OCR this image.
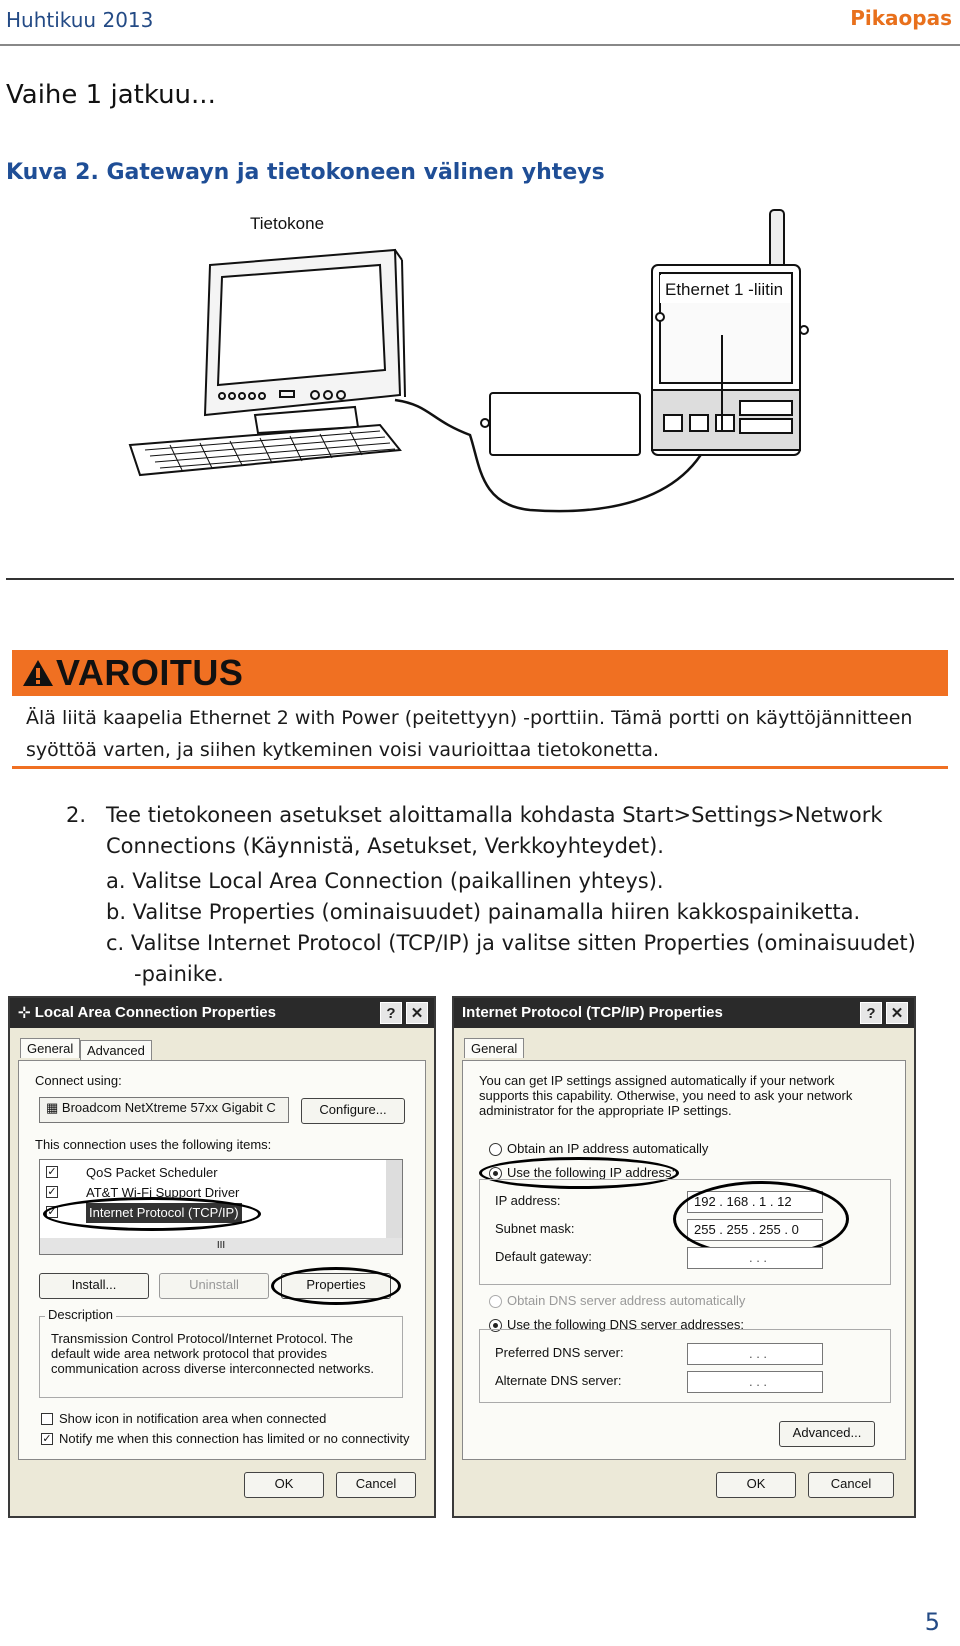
Huhtikuu 2013	Pikaopas
Vaihe 1 jatkuu...
Kuva 2. Gatewayn ja tietokoneen välinen yhteys
Tietokone
Ethernet 1 -liitin
VAROITUS
Älä liitä kaapelia Ethernet 2 with Power (peitettyyn) -porttiin. Tämä portti on käyttöjännitteen syöttöä varten, ja siihen kytkeminen voisi vaurioittaa tietokonetta.
2. Tee tietokoneen asetukset aloittamalla kohdasta Start>Settings>Network Connections (Käynnistä, Asetukset, Verkkoyhteydet).
a. Valitse Local Area Connection (paikallinen yhteys).
b. Valitse Properties (ominaisuudet) painamalla hiiren kakkospainiketta.
c. Valitse Internet Protocol (TCP/IP) ja valitse sitten Properties (ominaisuudet)
-painike.
⊹ Local Area Connection Properties	?	✕
General	Advanced
Connect using:
▦ Broadcom NetXtreme 57xx Gigabit C	Configure...
This connection uses the following items:
✓ QoS Packet Scheduler
✓ AT&T Wi-Fi Support Driver
✓ Internet Protocol (TCP/IP)
III
Install...	Uninstall	Properties
Description
Transmission Control Protocol/Internet Protocol. The default wide area network protocol that provides communication across diverse interconnected networks.
Show icon in notification area when connected
✓ Notify me when this connection has limited or no connectivity
OK	Cancel
Internet Protocol (TCP/IP) Properties	?	✕
General
You can get IP settings assigned automatically if your network supports this capability. Otherwise, you need to ask your network administrator for the appropriate IP settings.
Obtain an IP address automatically
Use the following IP address:
IP address:	192 . 168 . 1 . 12
Subnet mask:	255 . 255 . 255 . 0
Default gateway:	. . .
Obtain DNS server address automatically
Use the following DNS server addresses:
Preferred DNS server:	. . .
Alternate DNS server:	. . .
Advanced...
OK	Cancel
5
